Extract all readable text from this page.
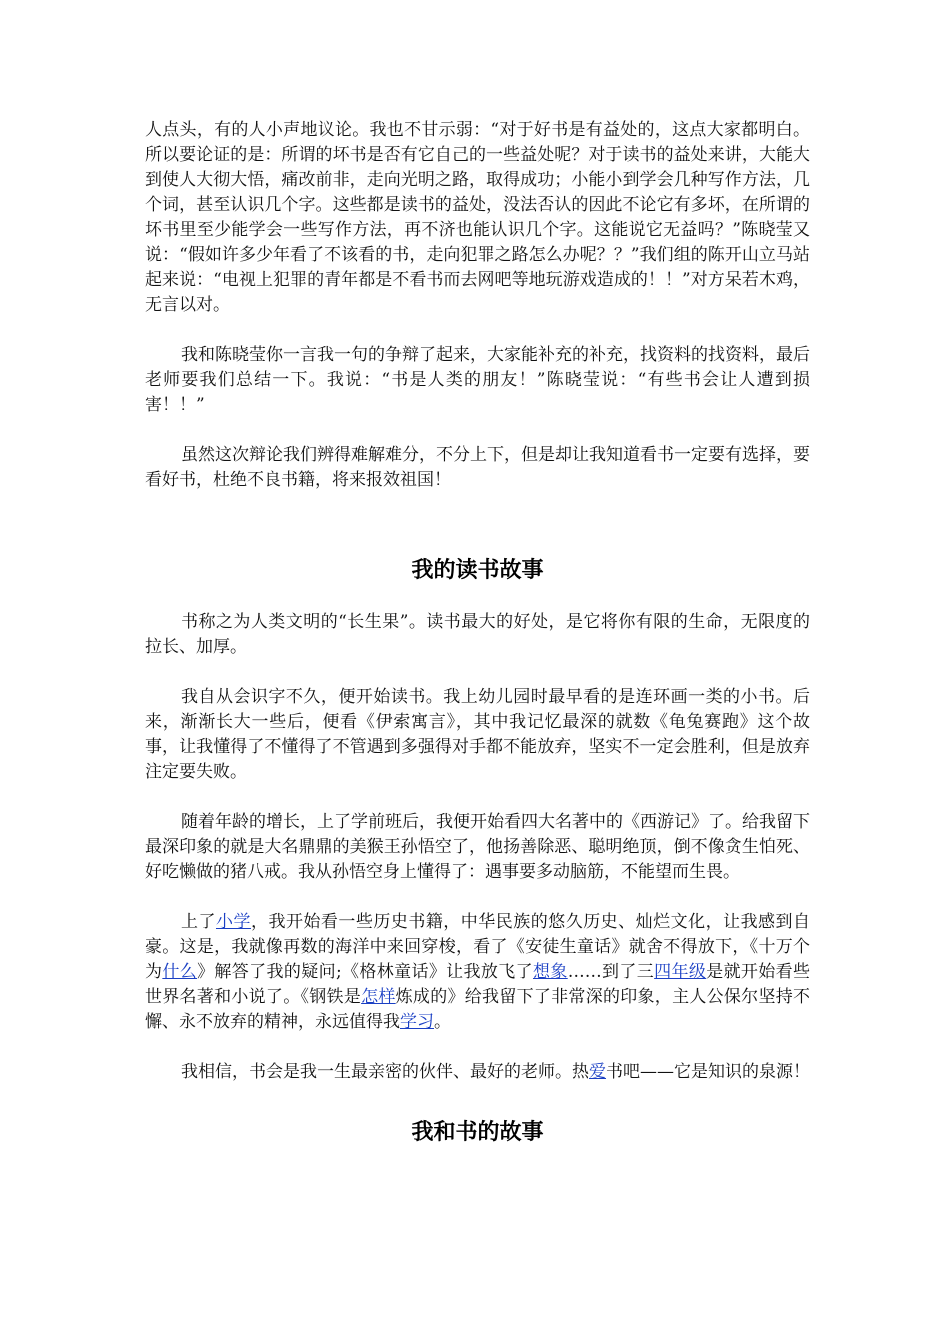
人点头，有的人小声地议论。我也不甘示弱：“对于好书是有益处的，这点大家都明白。所以要论证的是：所谓的坏书是否有它自己的一些益处呢？对于读书的益处来讲，大能大到使人大彻大悟，痛改前非，走向光明之路，取得成功；小能小到学会几种写作方法，几个词，甚至认识几个字。这些都是读书的益处，没法否认的因此不论它有多坏，在所谓的坏书里至少能学会一些写作方法，再不济也能认识几个字。这能说它无益吗？”陈晓莹又说：“假如许多少年看了不该看的书，走向犯罪之路怎么办呢？？”我们组的陈开山立马站起来说：“电视上犯罪的青年都是不看书而去网吧等地玩游戏造成的！！”对方呆若木鸡，无言以对。

我和陈晓莹你一言我一句的争辩了起来，大家能补充的补充，找资料的找资料，最后老师要我们总结一下。我说：“书是人类的朋友！”陈晓莹说：“有些书会让人遭到损害！！”

虽然这次辩论我们辨得难解难分，不分上下，但是却让我知道看书一定要有选择，要看好书，杜绝不良书籍，将来报效祖国！

我的读书故事

书称之为人类文明的“长生果”。读书最大的好处，是它将你有限的生命，无限度的拉长、加厚。

我自从会识字不久，便开始读书。我上幼儿园时最早看的是连环画一类的小书。后来，渐渐长大一些后，便看《伊索寓言》，其中我记忆最深的就数《龟兔赛跑》这个故事，让我懂得了不懂得了不管遇到多强得对手都不能放弃，坚实不一定会胜利，但是放弃注定要失败。

随着年龄的增长，上了学前班后，我便开始看四大名著中的《西游记》了。给我留下最深印象的就是大名鼎鼎的美猴王孙悟空了，他扬善除恶、聪明绝顶，倒不像贪生怕死、好吃懒做的猪八戒。我从孙悟空身上懂得了：遇事要多动脑筋，不能望而生畏。

上了小学，我开始看一些历史书籍，中华民族的悠久历史、灿烂文化，让我感到自豪。这是，我就像再数的海洋中来回穿梭，看了《安徒生童话》就舍不得放下，《十万个为什么》解答了我的疑问;《格林童话》让我放飞了想象……到了三四年级是就开始看些世界名著和小说了。《钢铁是怎样炼成的》给我留下了非常深的印象，主人公保尔坚持不懈、永不放弃的精神，永远值得我学习。

我相信，书会是我一生最亲密的伙伴、最好的老师。热爱书吧——它是知识的泉源！

我和书的故事
